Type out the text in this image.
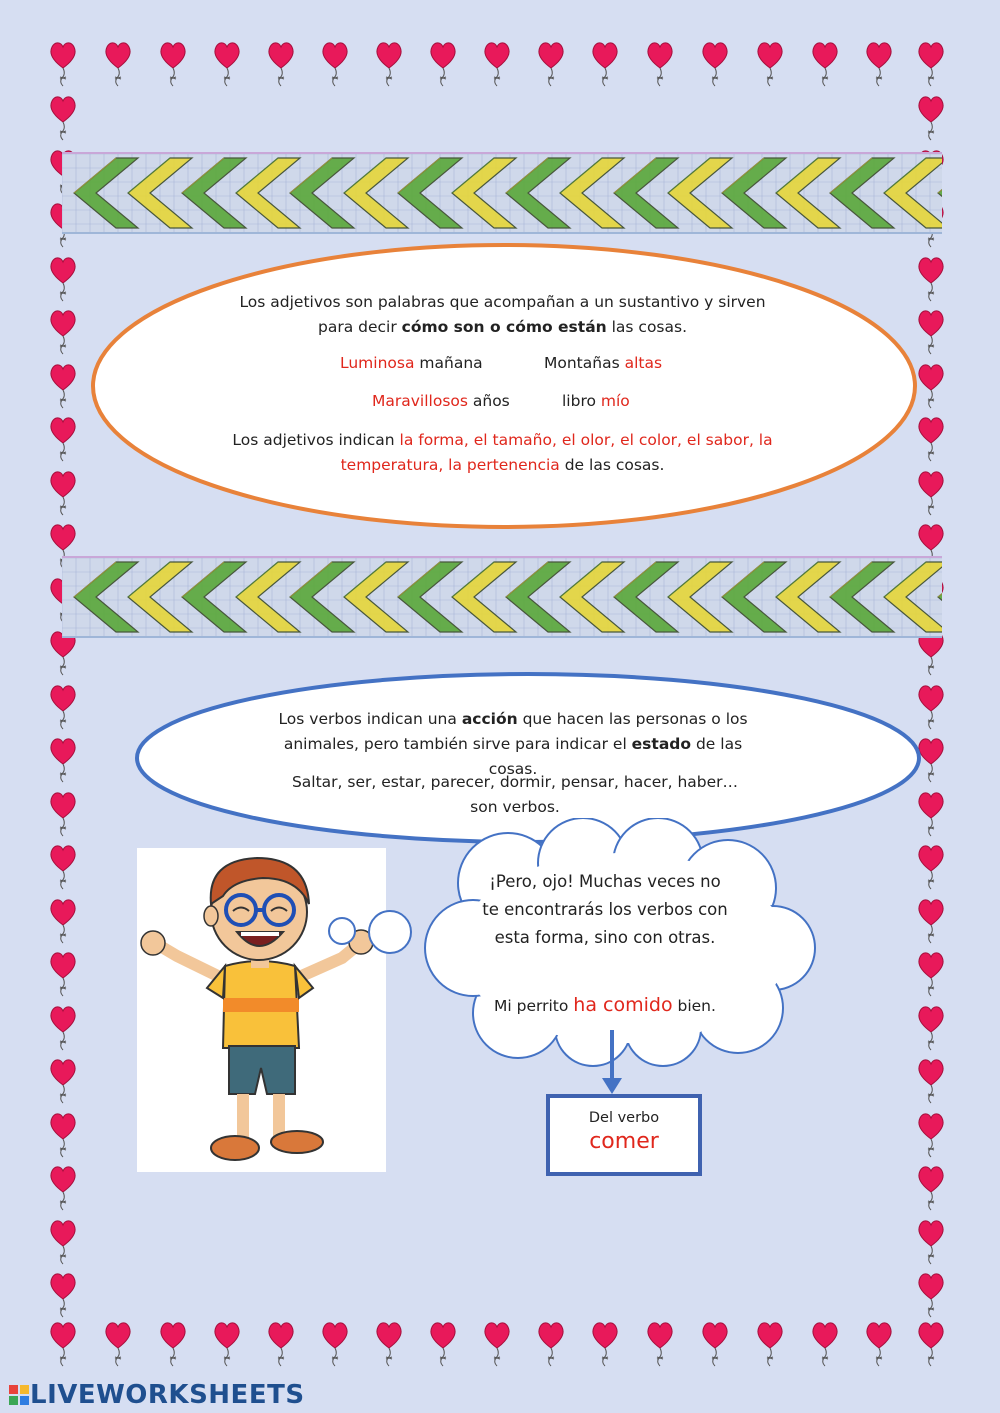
Los adjetivos son palabras que acompañan a un sustantivo y sirven para decir cómo son o cómo están las cosas.
Luminosa mañana	Montañas altas
Maravillosos años	libro mío
Los adjetivos indican la forma, el tamaño, el olor, el color, el sabor, la temperatura, la pertenencia de las cosas.
Los verbos indican una acción que hacen las personas o los animales, pero también sirve para indicar el estado de las cosas.
Saltar, ser, estar, parecer, dormir, pensar, hacer, haber… son verbos.
¡Pero, ojo! Muchas veces no te encontrarás los verbos con esta forma, sino con otras.
Mi perrito ha comido bien.
Del verbo
comer
LIVEWORKSHEETS
